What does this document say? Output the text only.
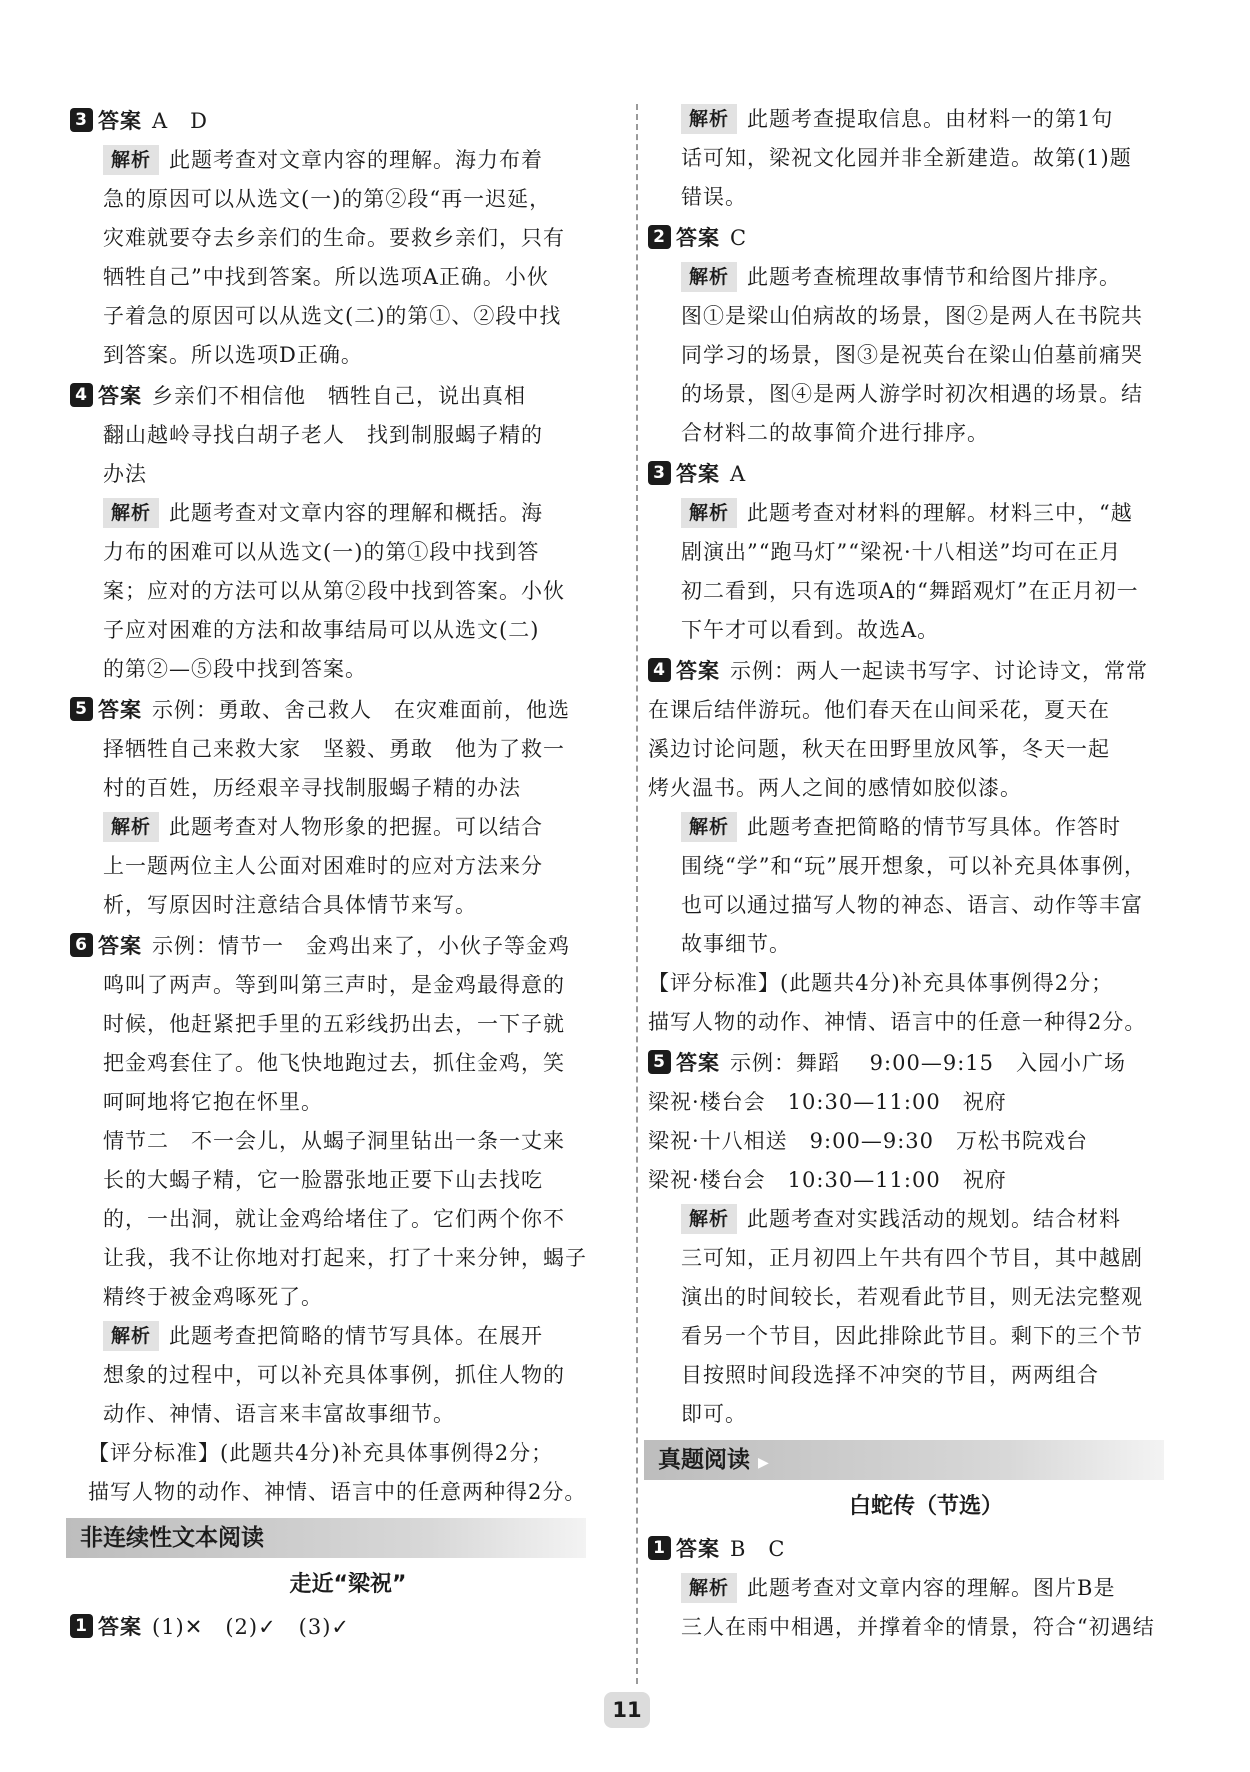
3 答案 A　D
解析 此题考查对文章内容的理解。海力布着
急的原因可以从选文(一)的第②段“再一迟延，
灾难就要夺去乡亲们的生命。要救乡亲们，只有
牺牲自己”中找到答案。所以选项A正确。小伙
子着急的原因可以从选文(二)的第①、②段中找
到答案。所以选项D正确。
4 答案 乡亲们不相信他　牺牲自己，说出真相
翻山越岭寻找白胡子老人　找到制服蝎子精的
办法
解析 此题考查对文章内容的理解和概括。海
力布的困难可以从选文(一)的第①段中找到答
案；应对的方法可以从第②段中找到答案。小伙
子应对困难的方法和故事结局可以从选文(二)
的第②—⑤段中找到答案。
5 答案 示例：勇敢、舍己救人　在灾难面前，他选
择牺牲自己来救大家　坚毅、勇敢　他为了救一
村的百姓，历经艰辛寻找制服蝎子精的办法
解析 此题考查对人物形象的把握。可以结合
上一题两位主人公面对困难时的应对方法来分
析，写原因时注意结合具体情节来写。
6 答案 示例：情节一　金鸡出来了，小伙子等金鸡
鸣叫了两声。等到叫第三声时，是金鸡最得意的
时候，他赶紧把手里的五彩线扔出去，一下子就
把金鸡套住了。他飞快地跑过去，抓住金鸡，笑
呵呵地将它抱在怀里。
情节二　不一会儿，从蝎子洞里钻出一条一丈来
长的大蝎子精，它一脸嚣张地正要下山去找吃
的，一出洞，就让金鸡给堵住了。它们两个你不
让我，我不让你地对打起来，打了十来分钟，蝎子
精终于被金鸡啄死了。
解析 此题考查把简略的情节写具体。在展开
想象的过程中，可以补充具体事例，抓住人物的
动作、神情、语言来丰富故事细节。
【评分标准】(此题共4分)补充具体事例得2分；
描写人物的动作、神情、语言中的任意两种得2分。
非连续性文本阅读
走近“梁祝”
1 答案 (1)✕　(2)✓　(3)✓
解析 此题考查提取信息。由材料一的第1句
话可知，梁祝文化园并非全新建造。故第(1)题
错误。
2 答案 C
解析 此题考查梳理故事情节和给图片排序。
图①是梁山伯病故的场景，图②是两人在书院共
同学习的场景，图③是祝英台在梁山伯墓前痛哭
的场景，图④是两人游学时初次相遇的场景。结
合材料二的故事简介进行排序。
3 答案 A
解析 此题考查对材料的理解。材料三中，“越
剧演出”“跑马灯”“梁祝·十八相送”均可在正月
初二看到，只有选项A的“舞蹈观灯”在正月初一
下午才可以看到。故选A。
4 答案 示例：两人一起读书写字、讨论诗文，常常
在课后结伴游玩。他们春天在山间采花，夏天在
溪边讨论问题，秋天在田野里放风筝，冬天一起
烤火温书。两人之间的感情如胶似漆。
解析 此题考查把简略的情节写具体。作答时
围绕“学”和“玩”展开想象，可以补充具体事例，
也可以通过描写人物的神态、语言、动作等丰富
故事细节。
【评分标准】(此题共4分)补充具体事例得2分；
描写人物的动作、神情、语言中的任意一种得2分。
5 答案 示例：舞蹈　 9:00—9:15　入园小广场
梁祝·楼台会　10:30—11:00　祝府
梁祝·十八相送　9:00—9:30　万松书院戏台
梁祝·楼台会　10:30—11:00　祝府
解析 此题考查对实践活动的规划。结合材料
三可知，正月初四上午共有四个节目，其中越剧
演出的时间较长，若观看此节目，则无法完整观
看另一个节目，因此排除此节目。剩下的三个节
目按照时间段选择不冲突的节目，两两组合
即可。
真题阅读 ▶
白蛇传（节选）
1 答案 B　C
解析 此题考查对文章内容的理解。图片B是
三人在雨中相遇，并撑着伞的情景，符合“初遇结
11
